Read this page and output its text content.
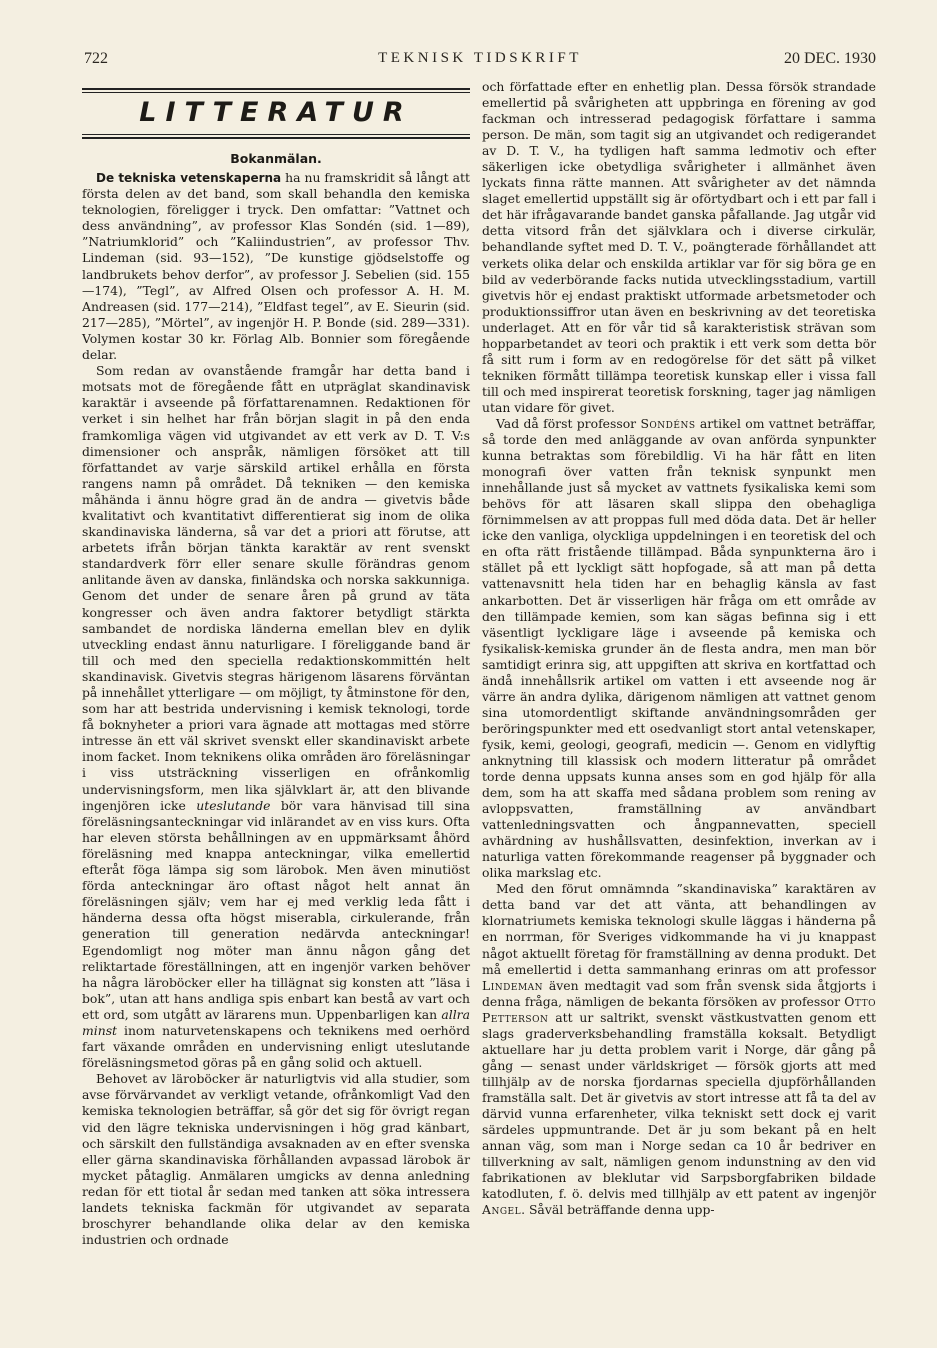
722	TEKNISK TIDSKRIFT	20 DEC. 1930
LITTERATUR
Bokanmälan.

De tekniska vetenskaperna ha nu framskridit så långt att första delen av det band, som skall behandla den kemiska teknologien, föreligger i tryck. Den omfattar: ”Vattnet och dess användning”, av professor Klas Sondén (sid. 1—89), ”Natriumklorid” och ”Kaliindustrien”, av professor Thv. Lindeman (sid. 93—152), ”De kunstige gjödselstoffe og landbrukets behov derfor”, av professor J. Sebelien (sid. 155—174), ”Tegl”, av Alfred Olsen och professor A. H. M. Andreasen (sid. 177—214), ”Eldfast tegel”, av E. Sieurin (sid. 217—285), ”Mörtel”, av ingenjör H. P. Bonde (sid. 289—331). Volymen kostar 30 kr. Förlag Alb. Bonnier som föregående delar.

Som redan av ovanstående framgår har detta band i motsats mot de föregående fått en utpräglat skandinavisk karaktär i avseende på författarenamnen. Redaktionen för verket i sin helhet har från början slagit in på den enda framkomliga vägen vid utgivandet av ett verk av D. T. V:s dimensioner och anspråk, nämligen försöket att till författandet av varje särskild artikel erhålla en första rangens namn på området. Då tekniken — den kemiska måhända i ännu högre grad än de andra — givetvis både kvalitativt och kvantitativt differentierat sig inom de olika skandinaviska länderna, så var det a priori att förutse, att arbetets ifrån början tänkta karaktär av rent svenskt standardverk förr eller senare skulle förändras genom anlitande även av danska, finländska och norska sakkunniga. Genom det under de senare åren på grund av täta kongresser och även andra faktorer betydligt stärkta sambandet de nordiska länderna emellan blev en dylik utveckling endast ännu naturligare. I föreliggande band är till och med den speciella redaktionskommittén helt skandinavisk. Givetvis stegras härigenom läsarens förväntan på innehållet ytterligare — om möjligt, ty åtminstone för den, som har att bestrida undervisning i kemisk teknologi, torde få boknyheter a priori vara ägnade att mottagas med större intresse än ett väl skrivet svenskt eller skandinaviskt arbete inom facket. Inom teknikens olika områden äro föreläsningar i viss utsträckning visserligen en ofrånkomlig undervisningsform, men lika självklart är, att den blivande ingenjören icke uteslutande bör vara hänvisad till sina föreläsningsanteckningar vid inlärandet av en viss kurs. Ofta har eleven största behållningen av en uppmärksamt åhörd föreläsning med knappa anteckningar, vilka emellertid efteråt föga lämpa sig som lärobok. Men även minutiöst förda anteckningar äro oftast något helt annat än föreläsningen själv; vem har ej med verklig leda fått i händerna dessa ofta högst miserabla, cirkulerande, från generation till generation nedärvda anteckningar! Egendomligt nog möter man ännu någon gång det reliktartade föreställningen, att en ingenjör varken behöver ha några läroböcker eller ha tillägnat sig konsten att ”läsa i bok”, utan att hans andliga spis enbart kan bestå av vart och ett ord, som utgått av lärarens mun. Uppenbarligen kan allra minst inom naturvetenskapens och teknikens med oerhörd fart växande områden en undervisning enligt uteslutande föreläsningsmetod göras på en gång solid och aktuell.

Behovet av läroböcker är naturligtvis vid alla studier, som avse förvärvandet av verkligt vetande, ofrånkomligt Vad den kemiska teknologien beträffar, så gör det sig för övrigt regan vid den lägre tekniska undervisningen i hög grad känbart, och särskilt den fullständiga avsaknaden av en efter svenska eller gärna skandinaviska förhållanden avpassad lärobok är mycket påtaglig. Anmälaren umgicks av denna anledning redan för ett tiotal år sedan med tanken att söka intressera landets tekniska fackmän för utgivandet av separata broschyrer behandlande olika delar av den kemiska industrien och ordnade

och författade efter en enhetlig plan. Dessa försök strandade emellertid på svårigheten att uppbringa en förening av god fackman och intresserad pedagogisk författare i samma person. De män, som tagit sig an utgivandet och redigerandet av D. T. V., ha tydligen haft samma ledmotiv och efter säkerligen icke obetydliga svårigheter i allmänhet även lyckats finna rätte mannen. Att svårigheter av det nämnda slaget emellertid uppställt sig är oförtydbart och i ett par fall i det här ifrågavarande bandet ganska påfallande. Jag utgår vid detta vitsord från det självklara och i diverse cirkulär, behandlande syftet med D. T. V., poängterade förhållandet att verkets olika delar och enskilda artiklar var för sig böra ge en bild av vederbörande facks nutida utvecklingsstadium, vartill givetvis hör ej endast praktiskt utformade arbetsmetoder och produktionssiffror utan även en beskrivning av det teoretiska underlaget. Att en för vår tid så karakteristisk strävan som hopparbetandet av teori och praktik i ett verk som detta bör få sitt rum i form av en redogörelse för det sätt på vilket tekniken förmått tillämpa teoretisk kunskap eller i vissa fall till och med inspirerat teoretisk forskning, tager jag nämligen utan vidare för givet.

Vad då först professor Sondéns artikel om vattnet beträffar, så torde den med anläggande av ovan anförda synpunkter kunna betraktas som förebildlig. Vi ha här fått en liten monografi över vatten från teknisk synpunkt men innehållande just så mycket av vattnets fysikaliska kemi som behövs för att läsaren skall slippa den obehagliga förnimmelsen av att proppas full med döda data. Det är heller icke den vanliga, olyckliga uppdelningen i en teoretisk del och en ofta rätt fristående tillämpad. Båda synpunkterna äro i stället på ett lyckligt sätt hopfogade, så att man på detta vattenavsnitt hela tiden har en behaglig känsla av fast ankarbotten. Det är visserligen här fråga om ett område av den tillämpade kemien, som kan sägas befinna sig i ett väsentligt lyckligare läge i avseende på kemiska och fysikalisk-kemiska grunder än de flesta andra, men man bör samtidigt erinra sig, att uppgiften att skriva en kortfattad och ändå innehållsrik artikel om vatten i ett avseende nog är värre än andra dylika, därigenom nämligen att vattnet genom sina utomordentligt skiftande användningsområden ger beröringspunkter med ett osedvanligt stort antal vetenskaper, fysik, kemi, geologi, geografi, medicin —. Genom en vidlyftig anknytning till klassisk och modern litteratur på området torde denna uppsats kunna anses som en god hjälp för alla dem, som ha att skaffa med sådana problem som rening av avloppsvatten, framställning av användbart vattenledningsvatten och ångpannevatten, speciell avhärdning av hushållsvatten, desinfektion, inverkan av i naturliga vatten förekommande reagenser på byggnader och olika markslag etc.

Med den förut omnämnda ”skandinaviska” karaktären av detta band var det att vänta, att behandlingen av klornatriumets kemiska teknologi skulle läggas i händerna på en norrman, för Sveriges vidkommande ha vi ju knappast något aktuellt företag för framställning av denna produkt. Det må emellertid i detta sammanhang erinras om att professor Lindeman även medtagit vad som från svensk sida åtgjorts i denna fråga, nämligen de bekanta försöken av professor Otto Petterson att ur saltrikt, svenskt västkustvatten genom ett slags graderverksbehandling framställa koksalt. Betydligt aktuellare har ju detta problem varit i Norge, där gång på gång — senast under världskriget — försök gjorts att med tillhjälp av de norska fjordarnas speciella djupförhållanden framställa salt. Det är givetvis av stort intresse att få ta del av därvid vunna erfarenheter, vilka tekniskt sett dock ej varit särdeles uppmuntrande. Det är ju som bekant på en helt annan väg, som man i Norge sedan ca 10 år bedriver en tillverkning av salt, nämligen genom indunstning av den vid fabrikationen av bleklutar vid Sarpsborgfabriken bildade katodluten, f. ö. delvis med tillhjälp av ett patent av ingenjör Angel. Såväl beträffande denna upp-
